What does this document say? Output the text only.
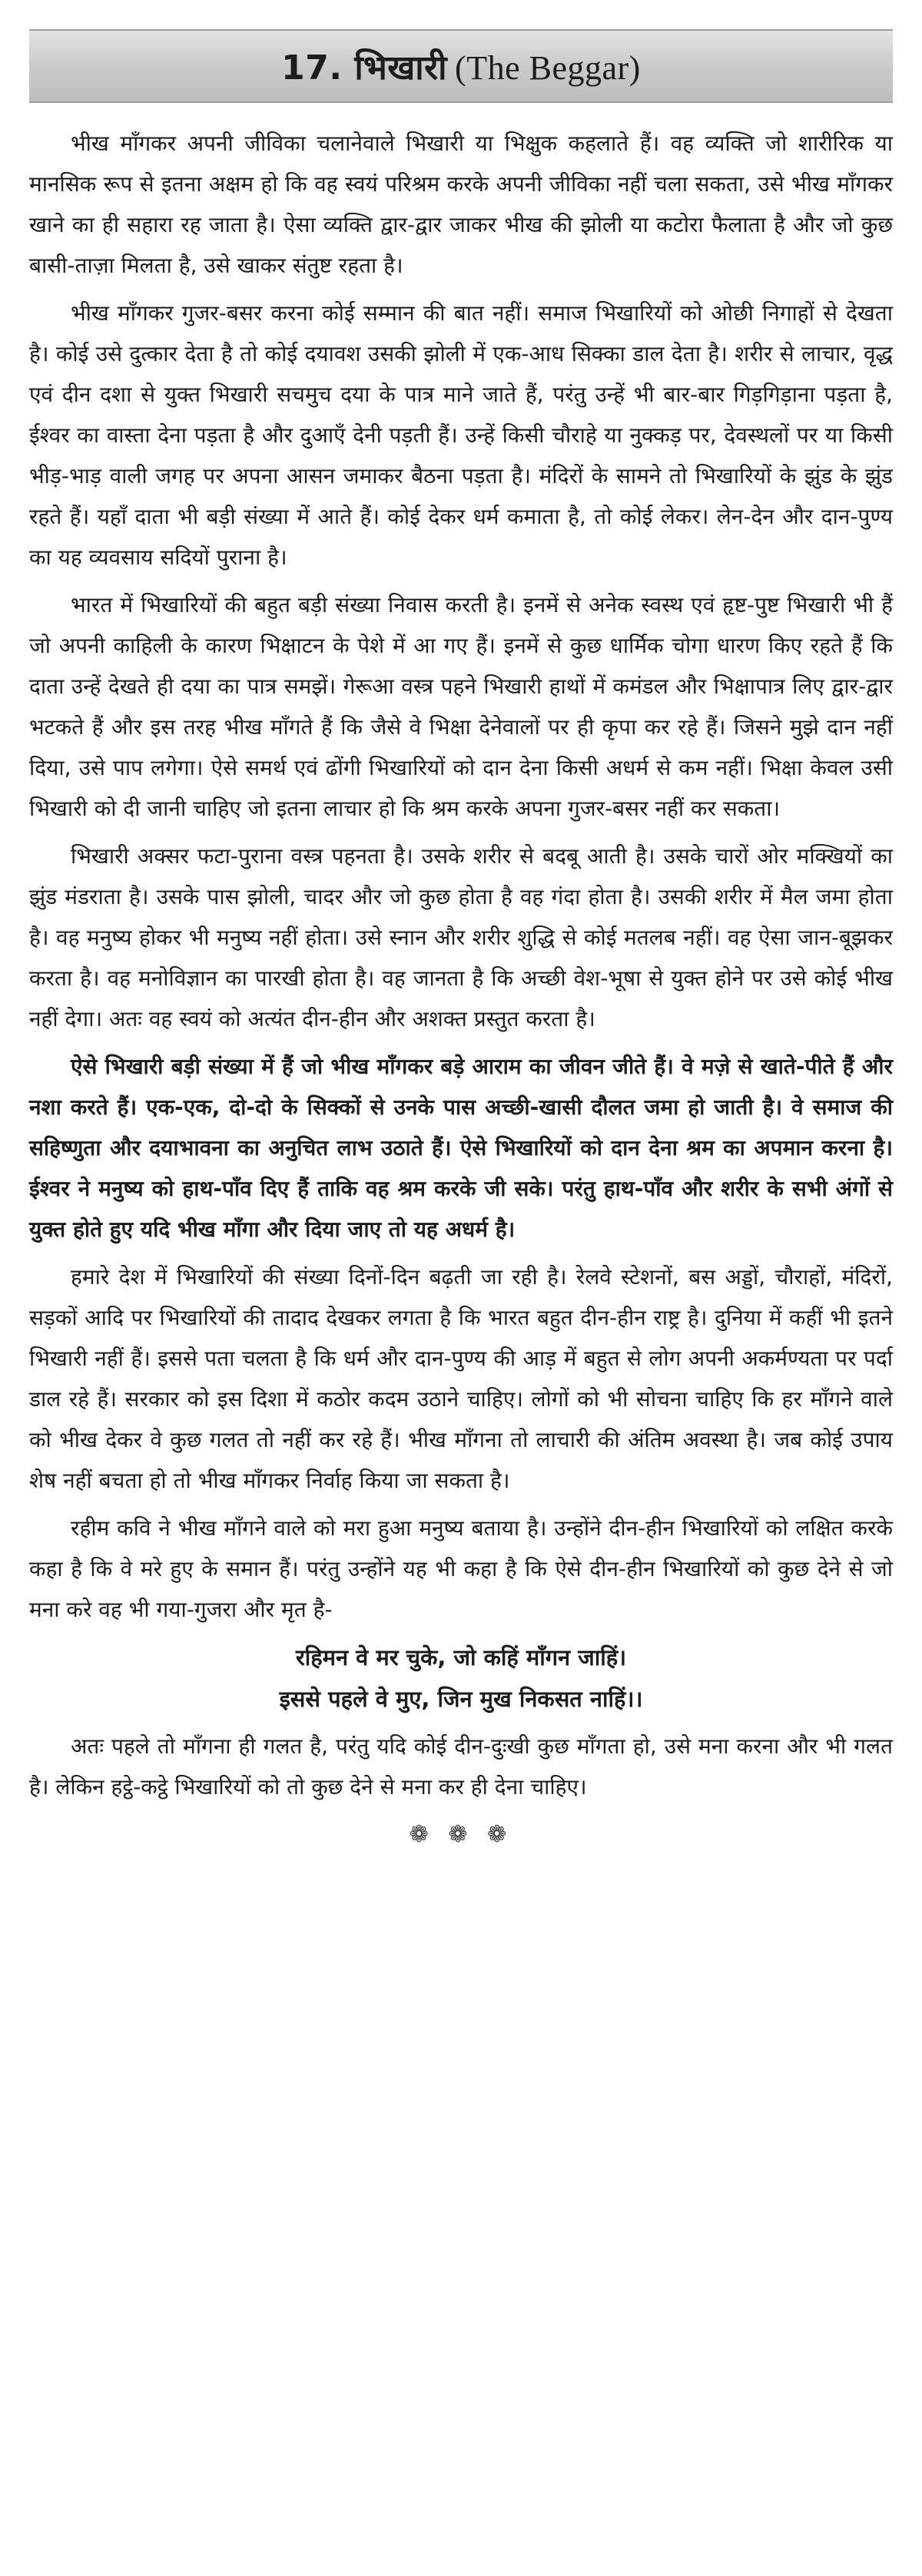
17. भिखारी (The Beggar)

भीख माँगकर अपनी जीविका चलानेवाले भिखारी या भिक्षुक कहलाते हैं। वह व्यक्ति जो शारीरिक या मानसिक रूप से इतना अक्षम हो कि वह स्वयं परिश्रम करके अपनी जीविका नहीं चला सकता, उसे भीख माँगकर खाने का ही सहारा रह जाता है। ऐसा व्यक्ति द्वार-द्वार जाकर भीख की झोली या कटोरा फैलाता है और जो कुछ बासी-ताज़ा मिलता है, उसे खाकर संतुष्ट रहता है।

भीख माँगकर गुजर-बसर करना कोई सम्मान की बात नहीं। समाज भिखारियों को ओछी निगाहों से देखता है। कोई उसे दुत्कार देता है तो कोई दयावश उसकी झोली में एक-आध सिक्का डाल देता है। शरीर से लाचार, वृद्ध एवं दीन दशा से युक्त भिखारी सचमुच दया के पात्र माने जाते हैं, परंतु उन्हें भी बार-बार गिड़गिड़ाना पड़ता है, ईश्वर का वास्ता देना पड़ता है और दुआएँ देनी पड़ती हैं। उन्हें किसी चौराहे या नुक्कड़ पर, देवस्थलों पर या किसी भीड़-भाड़ वाली जगह पर अपना आसन जमाकर बैठना पड़ता है। मंदिरों के सामने तो भिखारियों के झुंड के झुंड रहते हैं। यहाँ दाता भी बड़ी संख्या में आते हैं। कोई देकर धर्म कमाता है, तो कोई लेकर। लेन-देन और दान-पुण्य का यह व्यवसाय सदियों पुराना है।

भारत में भिखारियों की बहुत बड़ी संख्या निवास करती है। इनमें से अनेक स्वस्थ एवं हृष्ट-पुष्ट भिखारी भी हैं जो अपनी काहिली के कारण भिक्षाटन के पेशे में आ गए हैं। इनमें से कुछ धार्मिक चोगा धारण किए रहते हैं कि दाता उन्हें देखते ही दया का पात्र समझें। गेरूआ वस्त्र पहने भिखारी हाथों में कमंडल और भिक्षापात्र लिए द्वार-द्वार भटकते हैं और इस तरह भीख माँगते हैं कि जैसे वे भिक्षा देनेवालों पर ही कृपा कर रहे हैं। जिसने मुझे दान नहीं दिया, उसे पाप लगेगा। ऐसे समर्थ एवं ढोंगी भिखारियों को दान देना किसी अधर्म से कम नहीं। भिक्षा केवल उसी भिखारी को दी जानी चाहिए जो इतना लाचार हो कि श्रम करके अपना गुजर-बसर नहीं कर सकता।

भिखारी अक्सर फटा-पुराना वस्त्र पहनता है। उसके शरीर से बदबू आती है। उसके चारों ओर मक्खियों का झुंड मंडराता है। उसके पास झोली, चादर और जो कुछ होता है वह गंदा होता है। उसकी शरीर में मैल जमा होता है। वह मनुष्य होकर भी मनुष्य नहीं होता। उसे स्नान और शरीर शुद्धि से कोई मतलब नहीं। वह ऐसा जान-बूझकर करता है। वह मनोविज्ञान का पारखी होता है। वह जानता है कि अच्छी वेश-भूषा से युक्त होने पर उसे कोई भीख नहीं देगा। अतः वह स्वयं को अत्यंत दीन-हीन और अशक्त प्रस्तुत करता है।

ऐसे भिखारी बड़ी संख्या में हैं जो भीख माँगकर बड़े आराम का जीवन जीते हैं। वे मज़े से खाते-पीते हैं और नशा करते हैं। एक-एक, दो-दो के सिक्कों से उनके पास अच्छी-खासी दौलत जमा हो जाती है। वे समाज की सहिष्णुता और दयाभावना का अनुचित लाभ उठाते हैं। ऐसे भिखारियों को दान देना श्रम का अपमान करना है। ईश्वर ने मनुष्य को हाथ-पाँव दिए हैं ताकि वह श्रम करके जी सके। परंतु हाथ-पाँव और शरीर के सभी अंगों से युक्त होते हुए यदि भीख माँगा और दिया जाए तो यह अधर्म है।

हमारे देश में भिखारियों की संख्या दिनों-दिन बढ़ती जा रही है। रेलवे स्टेशनों, बस अड्डों, चौराहों, मंदिरों, सड़कों आदि पर भिखारियों की तादाद देखकर लगता है कि भारत बहुत दीन-हीन राष्ट्र है। दुनिया में कहीं भी इतने भिखारी नहीं हैं। इससे पता चलता है कि धर्म और दान-पुण्य की आड़ में बहुत से लोग अपनी अकर्मण्यता पर पर्दा डाल रहे हैं। सरकार को इस दिशा में कठोर कदम उठाने चाहिए। लोगों को भी सोचना चाहिए कि हर माँगने वाले को भीख देकर वे कुछ गलत तो नहीं कर रहे हैं। भीख माँगना तो लाचारी की अंतिम अवस्था है। जब कोई उपाय शेष नहीं बचता हो तो भीख माँगकर निर्वाह किया जा सकता है।

रहीम कवि ने भीख माँगने वाले को मरा हुआ मनुष्य बताया है। उन्होंने दीन-हीन भिखारियों को लक्षित करके कहा है कि वे मरे हुए के समान हैं। परंतु उन्होंने यह भी कहा है कि ऐसे दीन-हीन भिखारियों को कुछ देने से जो मना करे वह भी गया-गुजरा और मृत है-

रहिमन वे मर चुके, जो कहिं माँगन जाहिं।
इससे पहले वे मुए, जिन मुख निकसत नाहिं।।

अतः पहले तो माँगना ही गलत है, परंतु यदि कोई दीन-दुःखी कुछ माँगता हो, उसे मना करना और भी गलत है। लेकिन हट्ठे-कट्ठे भिखारियों को तो कुछ देने से मना कर ही देना चाहिए।

❁ ❁ ❁
